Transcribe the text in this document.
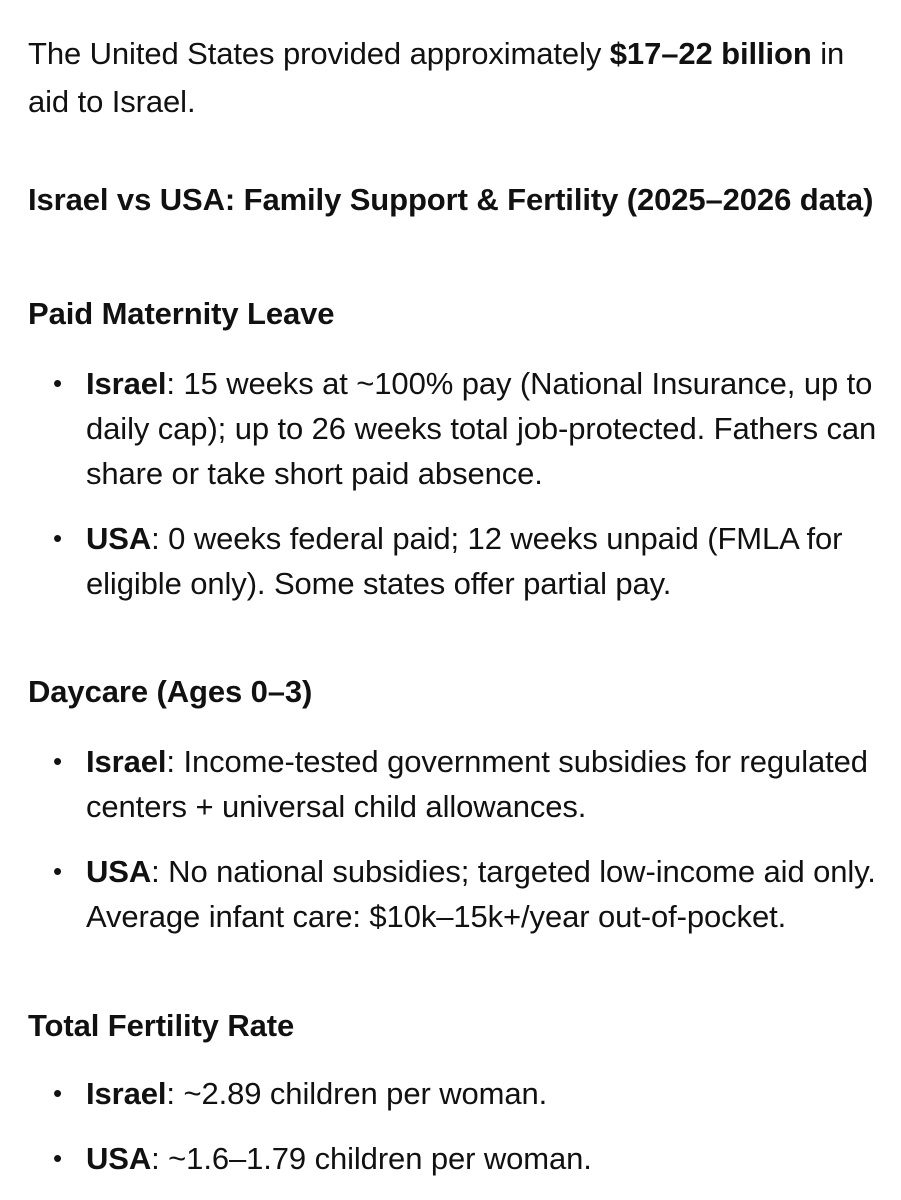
The United States provided approximately $17–22 billion in aid to Israel.

Israel vs USA: Family Support & Fertility (2025–2026 data)
Paid Maternity Leave
• Israel: 15 weeks at ~100% pay (National Insurance, up to daily cap); up to 26 weeks total job-protected. Fathers can share or take short paid absence.
• USA: 0 weeks federal paid; 12 weeks unpaid (FMLA for eligible only). Some states offer partial pay.
Daycare (Ages 0–3)
• Israel: Income-tested government subsidies for regulated centers + universal child allowances.
• USA: No national subsidies; targeted low-income aid only. Average infant care: $10k–15k+/year out-of-pocket.
Total Fertility Rate
• Israel: ~2.89 children per woman.
• USA: ~1.6–1.79 children per woman.
